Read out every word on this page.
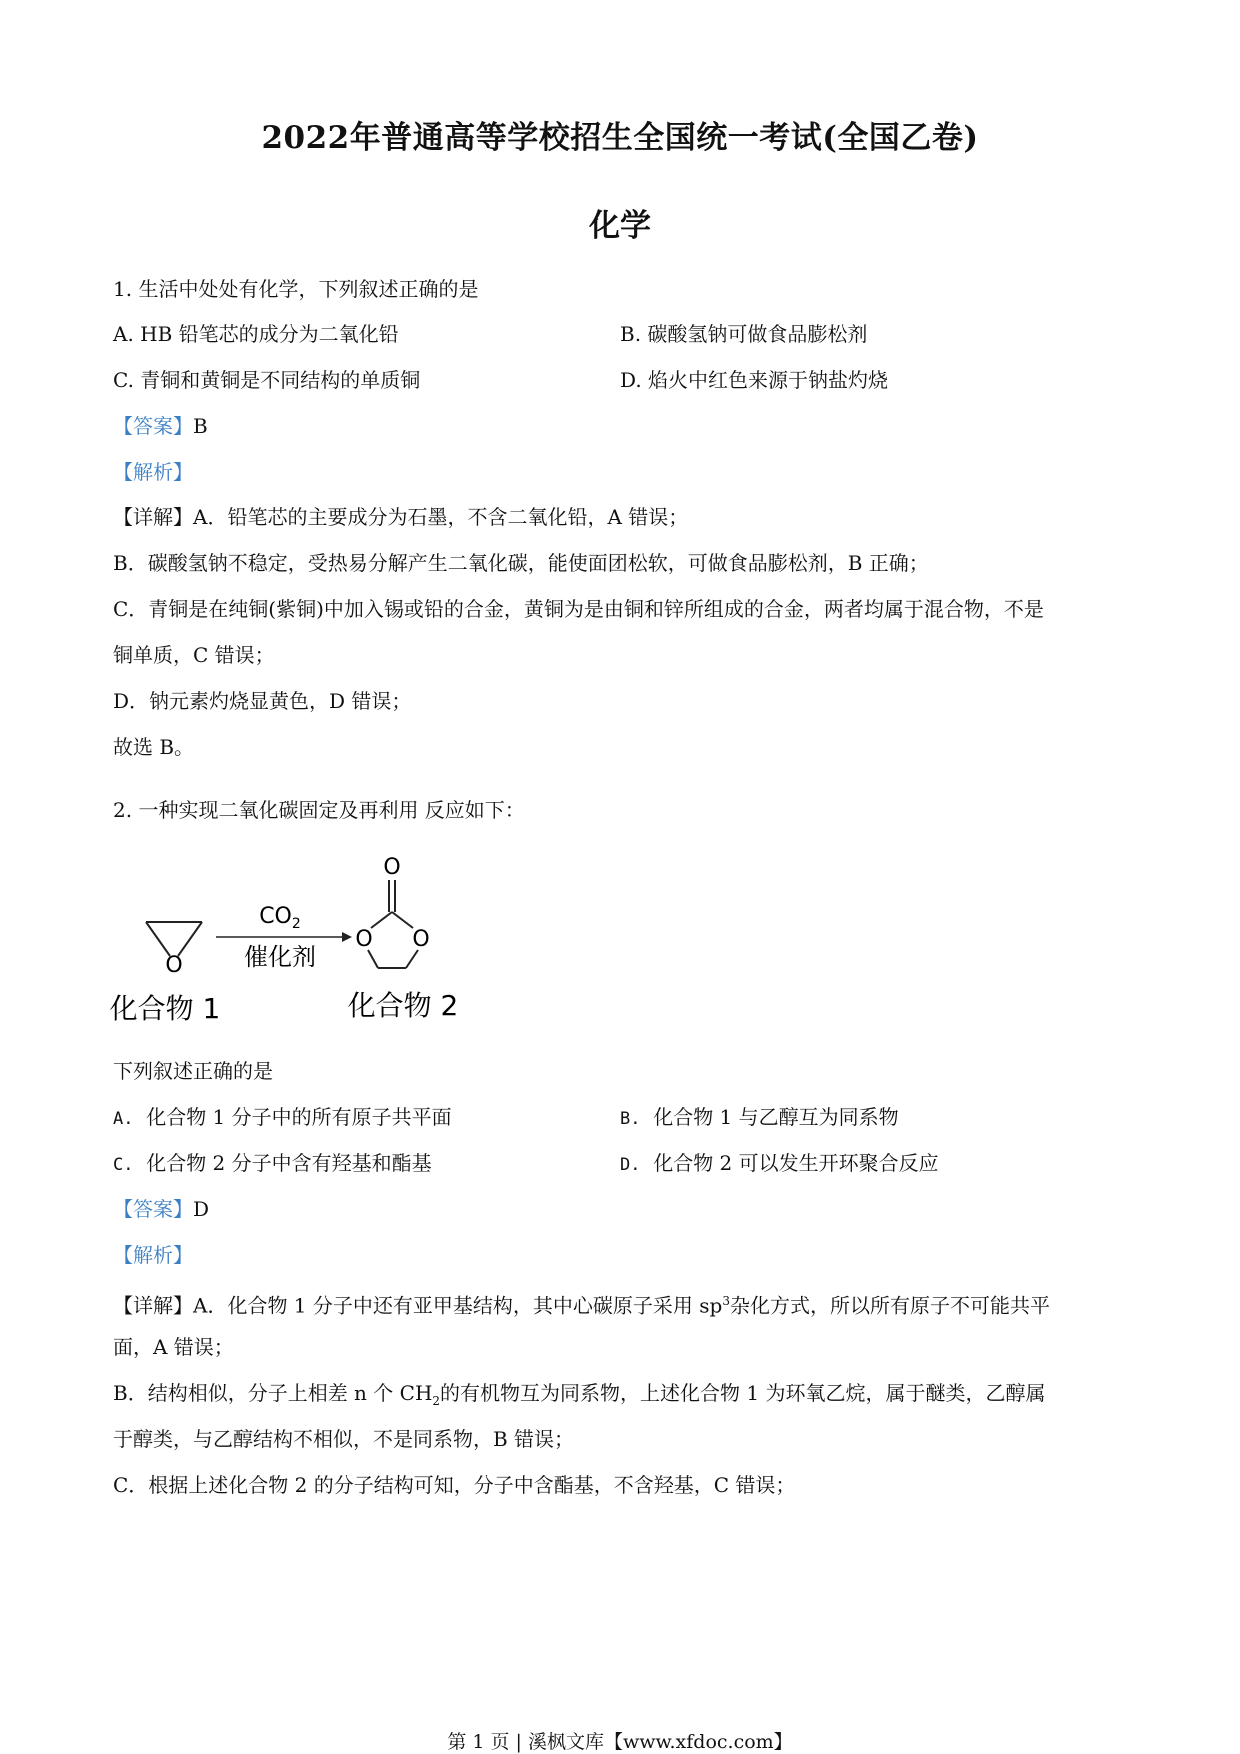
2022年普通高等学校招生全国统一考试(全国乙卷)
化学
1. 生活中处处有化学，下列叙述正确的是
A. HB 铅笔芯的成分为二氧化铅	B. 碳酸氢钠可做食品膨松剂
C. 青铜和黄铜是不同结构的单质铜	D. 焰火中红色来源于钠盐灼烧
【答案】B
【解析】
【详解】A．铅笔芯的主要成分为石墨，不含二氧化铅，A 错误；
B．碳酸氢钠不稳定，受热易分解产生二氧化碳，能使面团松软，可做食品膨松剂，B 正确；
C．青铜是在纯铜(紫铜)中加入锡或铅的合金，黄铜为是由铜和锌所组成的合金，两者均属于混合物，不是
铜单质，C 错误；
D．钠元素灼烧显黄色，D 错误；
故选 B。
2. 一种实现二氧化碳固定及再利用 反应如下：
O
$CO_2$
催化剂
O
O O
化合物 1	化合物 2
下列叙述正确的是
A. 化合物 1 分子中的所有原子共平面	B. 化合物 1 与乙醇互为同系物
C. 化合物 2 分子中含有羟基和酯基	D. 化合物 2 可以发生开环聚合反应
【答案】D
【解析】
【详解】A．化合物 1 分子中还有亚甲基结构，其中心碳原子采用 $sp^3$杂化方式，所以所有原子不可能共平
面，A 错误；
B．结构相似，分子上相差 n 个 $CH_2$的有机物互为同系物，上述化合物 1 为环氧乙烷，属于醚类，乙醇属
于醇类，与乙醇结构不相似，不是同系物，B 错误；
C．根据上述化合物 2 的分子结构可知，分子中含酯基，不含羟基，C 错误；
第 1 页 | 溪枫文库【www.xfdoc.com】
